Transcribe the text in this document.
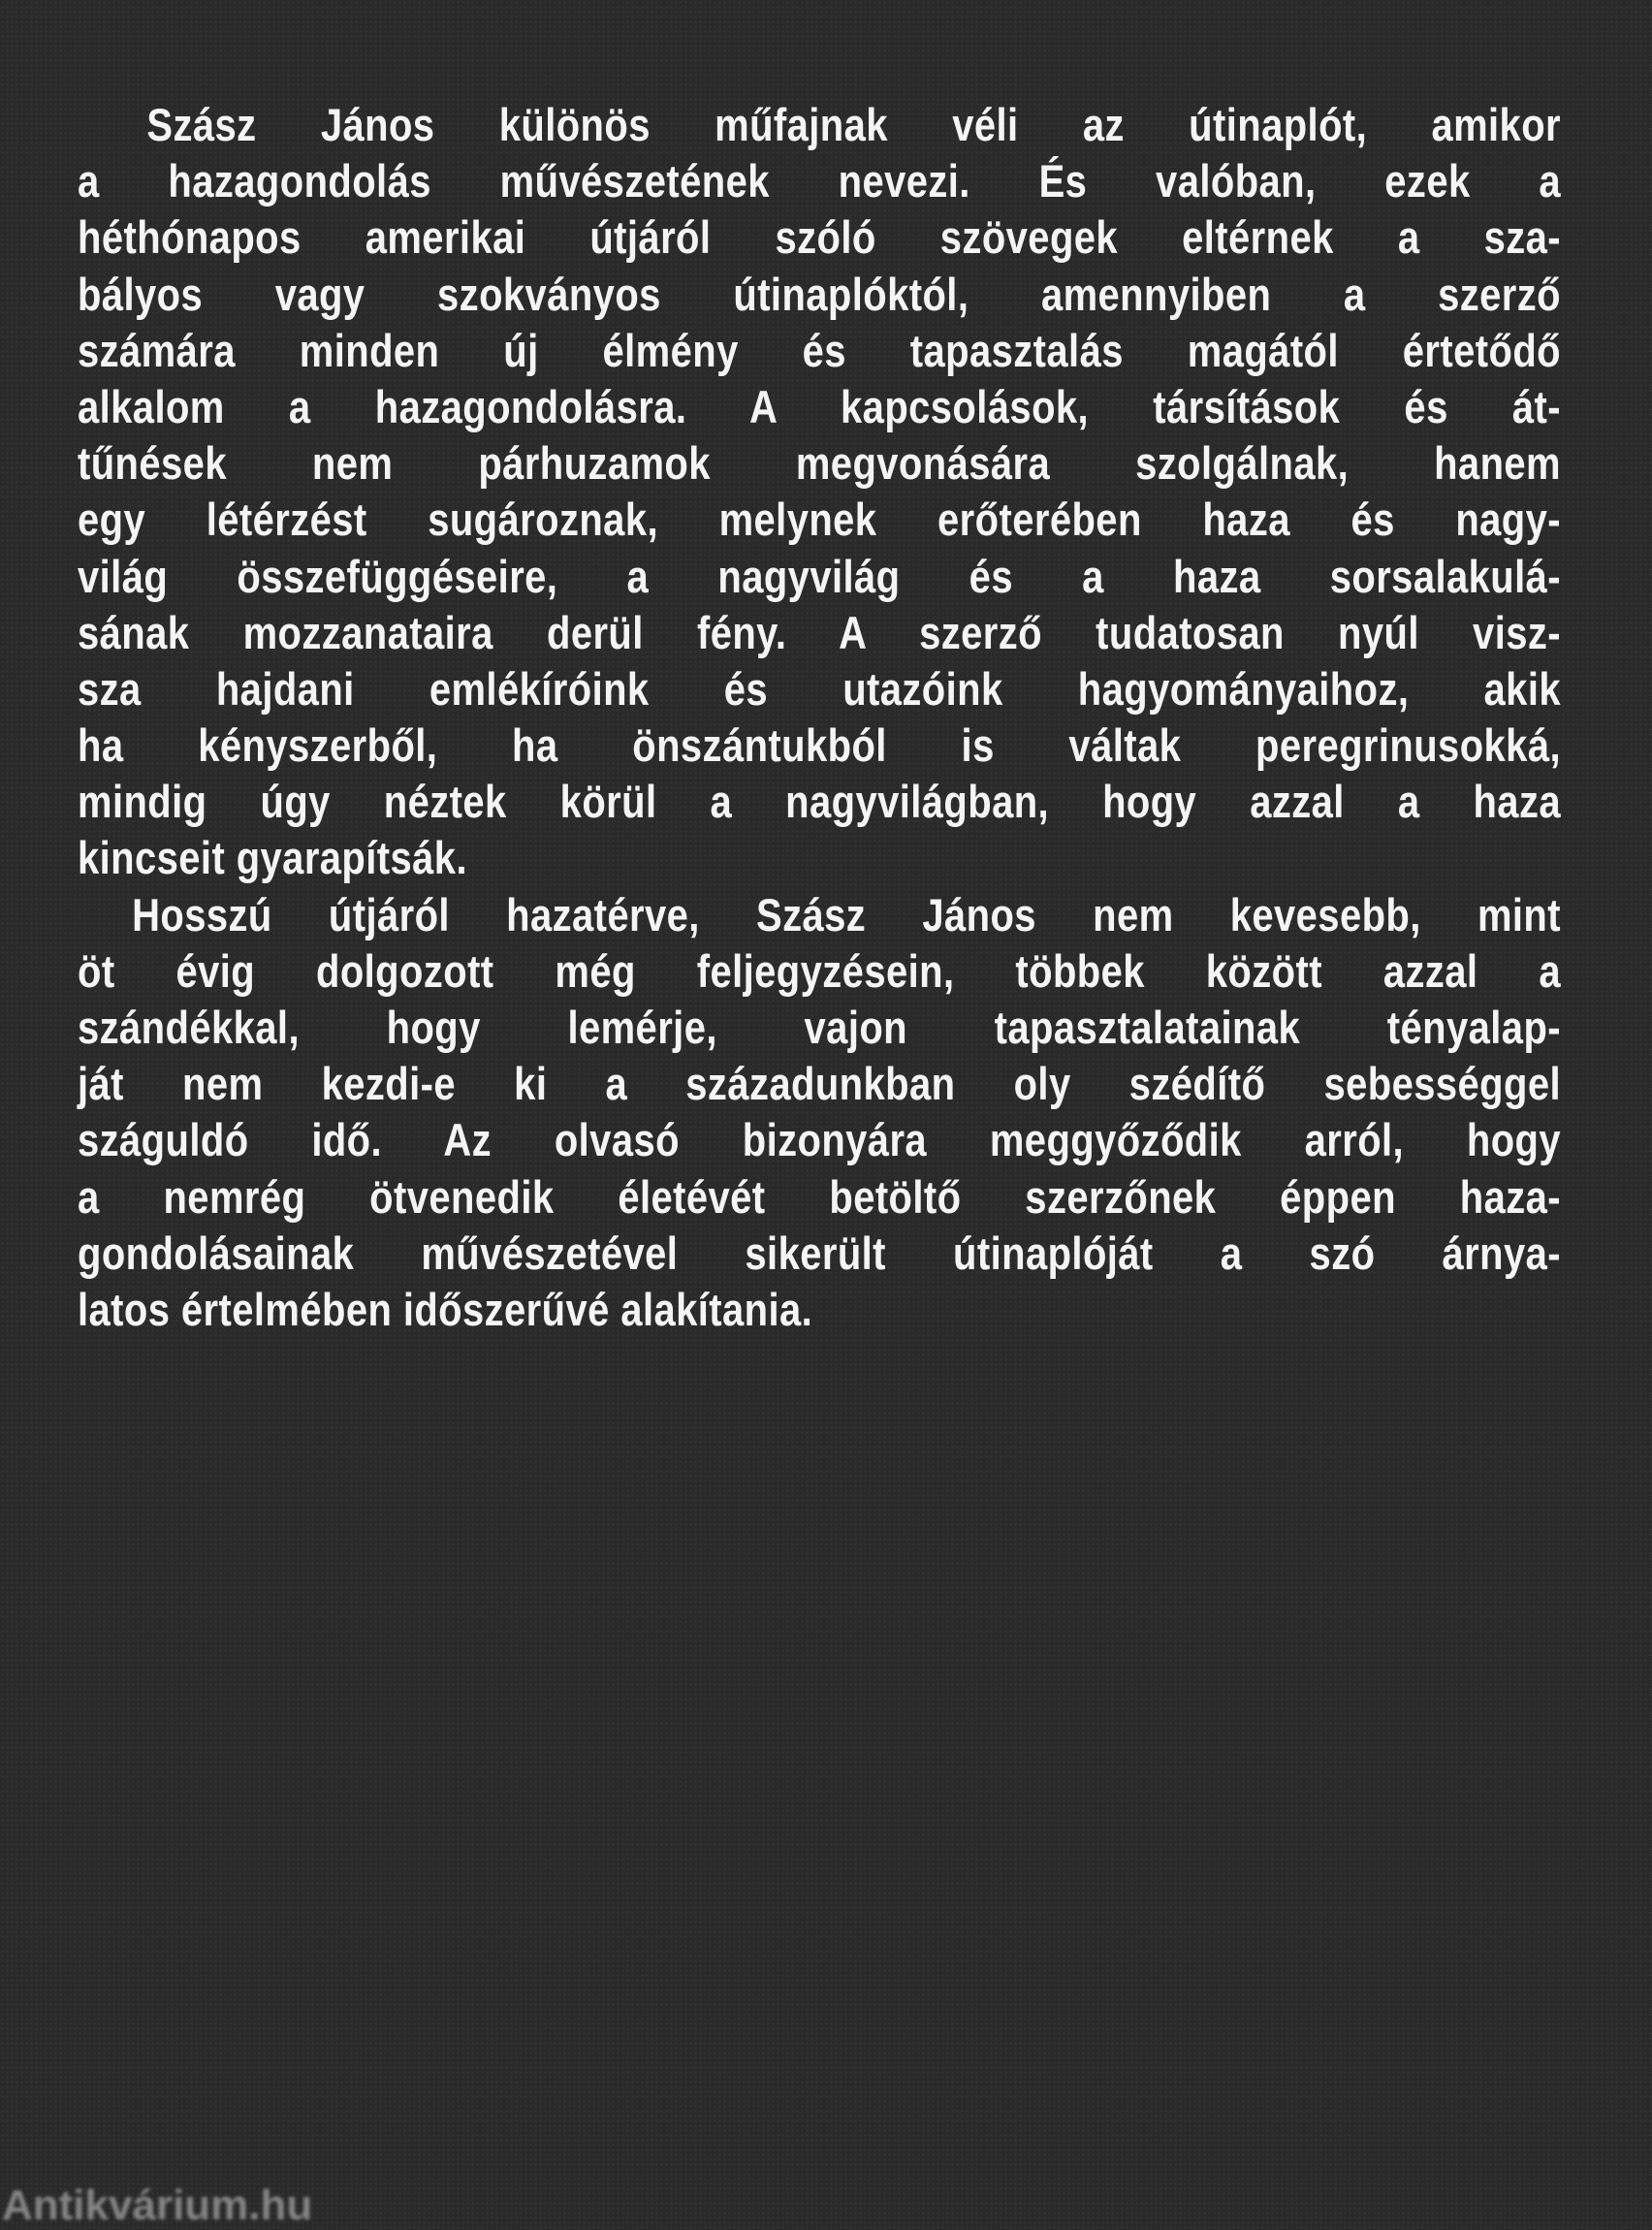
Szász János különös műfajnak véli az útinaplót, amikor
a hazagondolás művészetének nevezi. És valóban, ezek a
héthónapos amerikai útjáról szóló szövegek eltérnek a sza-
bályos vagy szokványos útinaplóktól, amennyiben a szerző
számára minden új élmény és tapasztalás magától értetődő
alkalom a hazagondolásra. A kapcsolások, társítások és át-
tűnések nem párhuzamok megvonására szolgálnak, hanem
egy létérzést sugároznak, melynek erőterében haza és nagy-
világ összefüggéseire, a nagyvilág és a haza sorsalakulá-
sának mozzanataira derül fény. A szerző tudatosan nyúl visz-
sza hajdani emlékíróink és utazóink hagyományaihoz, akik
ha kényszerből, ha önszántukból is váltak peregrinusokká,
mindig úgy néztek körül a nagyvilágban, hogy azzal a haza
kincseit gyarapítsák.
Hosszú útjáról hazatérve, Szász János nem kevesebb, mint
öt évig dolgozott még feljegyzésein, többek között azzal a
szándékkal, hogy lemérje, vajon tapasztalatainak tényalap-
ját nem kezdi-e ki a századunkban oly szédítő sebességgel
száguldó idő. Az olvasó bizonyára meggyőződik arról, hogy
a nemrég ötvenedik életévét betöltő szerzőnek éppen haza-
gondolásainak művészetével sikerült útinaplóját a szó árnya-
latos értelmében időszerűvé alakítania.
Antikvárium.hu
